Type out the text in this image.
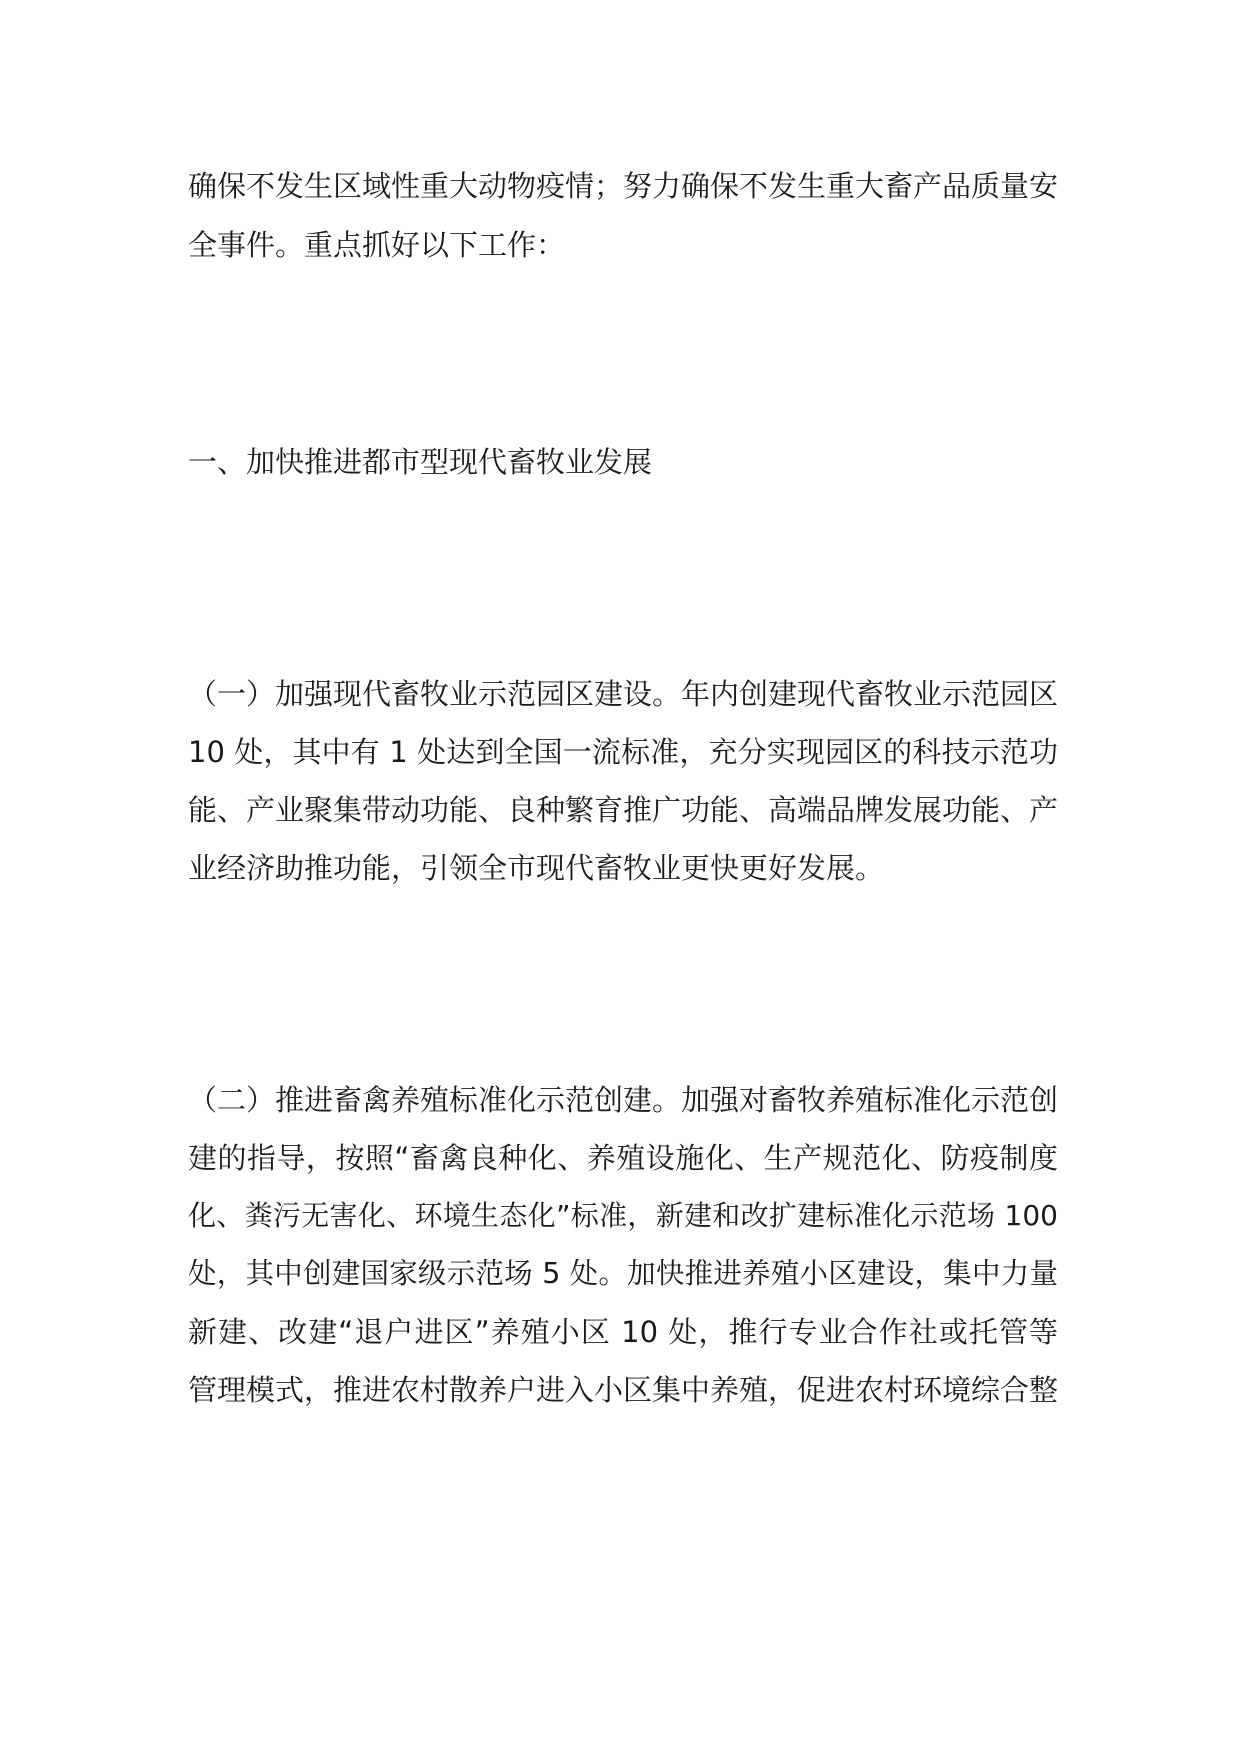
确保不发生区域性重大动物疫情；努力确保不发生重大畜产品质量安
全事件。重点抓好以下工作：
一、加快推进都市型现代畜牧业发展
（一）加强现代畜牧业示范园区建设。年内创建现代畜牧业示范园区
10 处，其中有 1 处达到全国一流标准，充分实现园区的科技示范功
能、产业聚集带动功能、良种繁育推广功能、高端品牌发展功能、产
业经济助推功能，引领全市现代畜牧业更快更好发展。
（二）推进畜禽养殖标准化示范创建。加强对畜牧养殖标准化示范创
建的指导，按照“畜禽良种化、养殖设施化、生产规范化、防疫制度
化、粪污无害化、环境生态化”标准，新建和改扩建标准化示范场 100
处，其中创建国家级示范场 5 处。加快推进养殖小区建设，集中力量
新建、改建“退户进区”养殖小区 10 处，推行专业合作社或托管等
管理模式，推进农村散养户进入小区集中养殖，促进农村环境综合整
